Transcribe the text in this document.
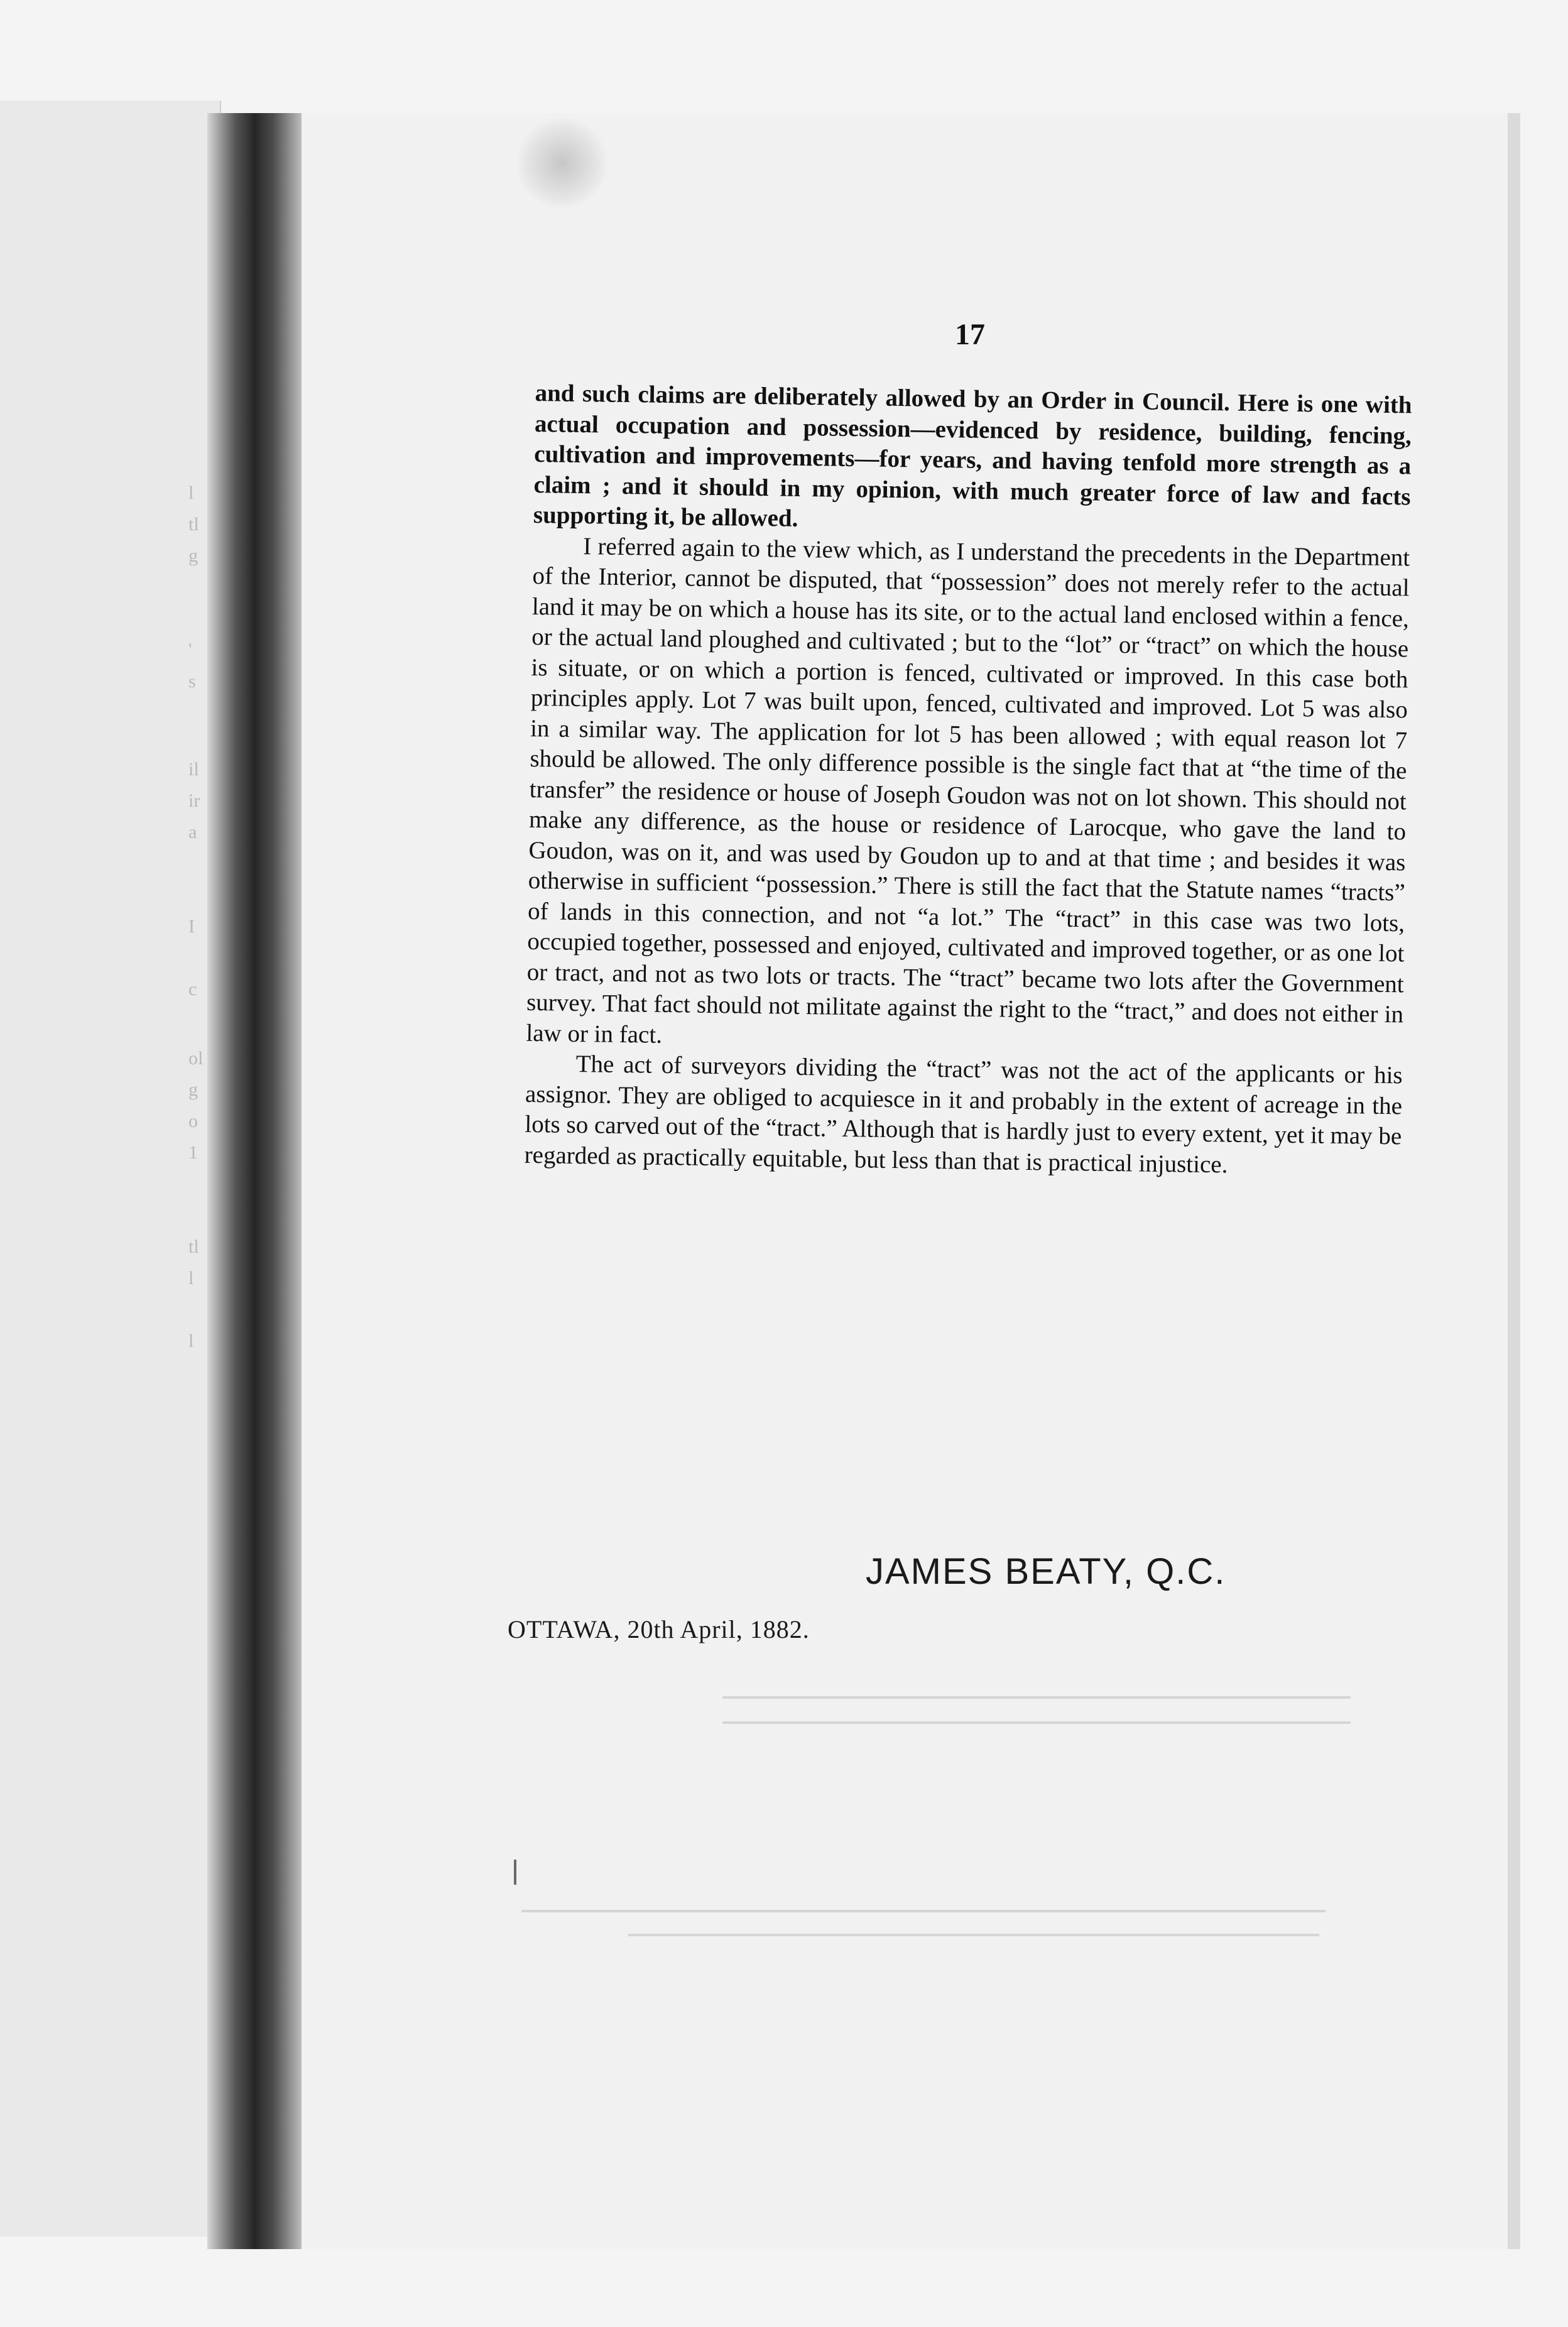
l
tl
g
'
s
il
ir
a
I
c
ol
g
o
1
tl
l
l
17

and such claims are deliberately allowed by an Order in Council. Here is one with actual occupation and possession—evidenced by residence, building, fencing, cultivation and improvements—for years, and having tenfold more strength as a claim ; and it should in my opinion, with much greater force of law and facts supporting it, be allowed.

I referred again to the view which, as I understand the precedents in the Department of the Interior, cannot be disputed, that “possession” does not merely refer to the actual land it may be on which a house has its site, or to the actual land enclosed within a fence, or the actual land ploughed and cultivated ; but to the “lot” or “tract” on which the house is situate, or on which a portion is fenced, cultivated or improved. In this case both principles apply. Lot 7 was built upon, fenced, cultivated and improved. Lot 5 was also in a similar way. The application for lot 5 has been allowed ; with equal reason lot 7 should be allowed. The only difference possible is the single fact that at “the time of the transfer” the residence or house of Joseph Goudon was not on lot shown. This should not make any difference, as the house or residence of Larocque, who gave the land to Goudon, was on it, and was used by Goudon up to and at that time ; and besides it was otherwise in sufficient “possession.” There is still the fact that the Statute names “tracts” of lands in this connection, and not “a lot.” The “tract” in this case was two lots, occupied together, possessed and enjoyed, cultivated and improved together, or as one lot or tract, and not as two lots or tracts. The “tract” became two lots after the Government survey. That fact should not militate against the right to the “tract,” and does not either in law or in fact.

The act of surveyors dividing the “tract” was not the act of the applicants or his assignor. They are obliged to acquiesce in it and probably in the extent of acreage in the lots so carved out of the “tract.” Although that is hardly just to every extent, yet it may be regarded as practically equitable, but less than that is practical injustice.

JAMES BEATY, Q.C.
OTTAWA, 20th April, 1882.
